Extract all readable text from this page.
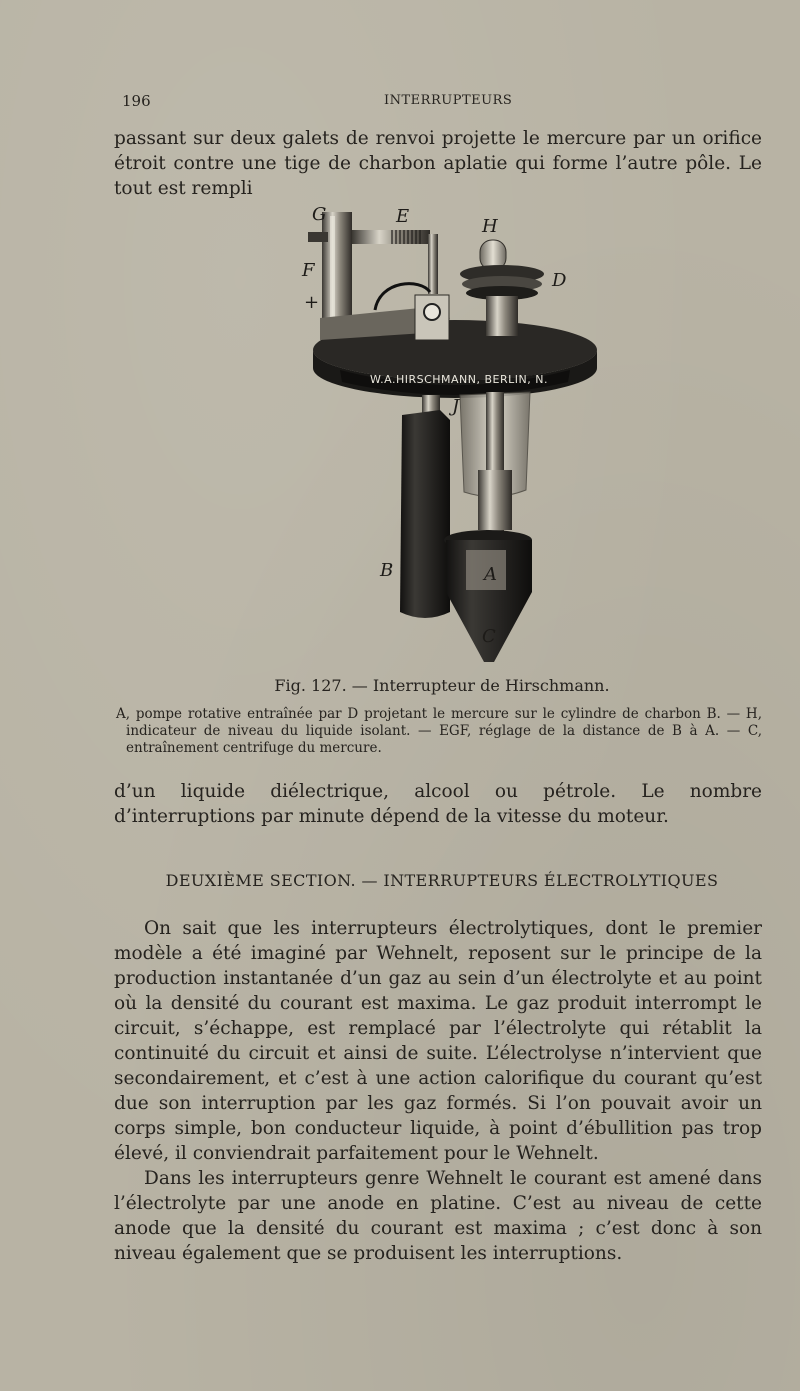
196	INTERRUPTEURS

passant sur deux galets de renvoi projette le mercure par un orifice étroit contre une tige de charbon aplatie qui forme l’autre pôle. Le tout est rempli

W.A.HIRSCHMANN, BERLIN, N.
G	E	H
F
+
D
J
B	A
C
Fig. 127. — Interrupteur de Hirschmann.
A, pompe rotative entraînée par D projetant le mercure sur le cylindre de charbon B. — H, indicateur de niveau du liquide isolant. — EGF, réglage de la distance de B à A. — C, entraînement centrifuge du mercure.

d’un liquide diélectrique, alcool ou pétrole. Le nombre d’interruptions par minute dépend de la vitesse du moteur.

DEUXIÈME SECTION. — INTERRUPTEURS ÉLECTROLYTIQUES

On sait que les interrupteurs électrolytiques, dont le premier modèle a été imaginé par Wehnelt, reposent sur le principe de la production instantanée d’un gaz au sein d’un électrolyte et au point où la densité du courant est maxima. Le gaz produit interrompt le circuit, s’échappe, est remplacé par l’électrolyte qui rétablit la continuité du circuit et ainsi de suite. L’électrolyse n’intervient que secondairement, et c’est à une action calorifique du courant qu’est due son interruption par les gaz formés. Si l’on pouvait avoir un corps simple, bon conducteur liquide, à point d’ébullition pas trop élevé, il conviendrait parfaitement pour le Wehnelt.

Dans les interrupteurs genre Wehnelt le courant est amené dans l’électrolyte par une anode en platine. C’est au niveau de cette anode que la densité du courant est maxima ; c’est donc à son niveau également que se produisent les interruptions.
